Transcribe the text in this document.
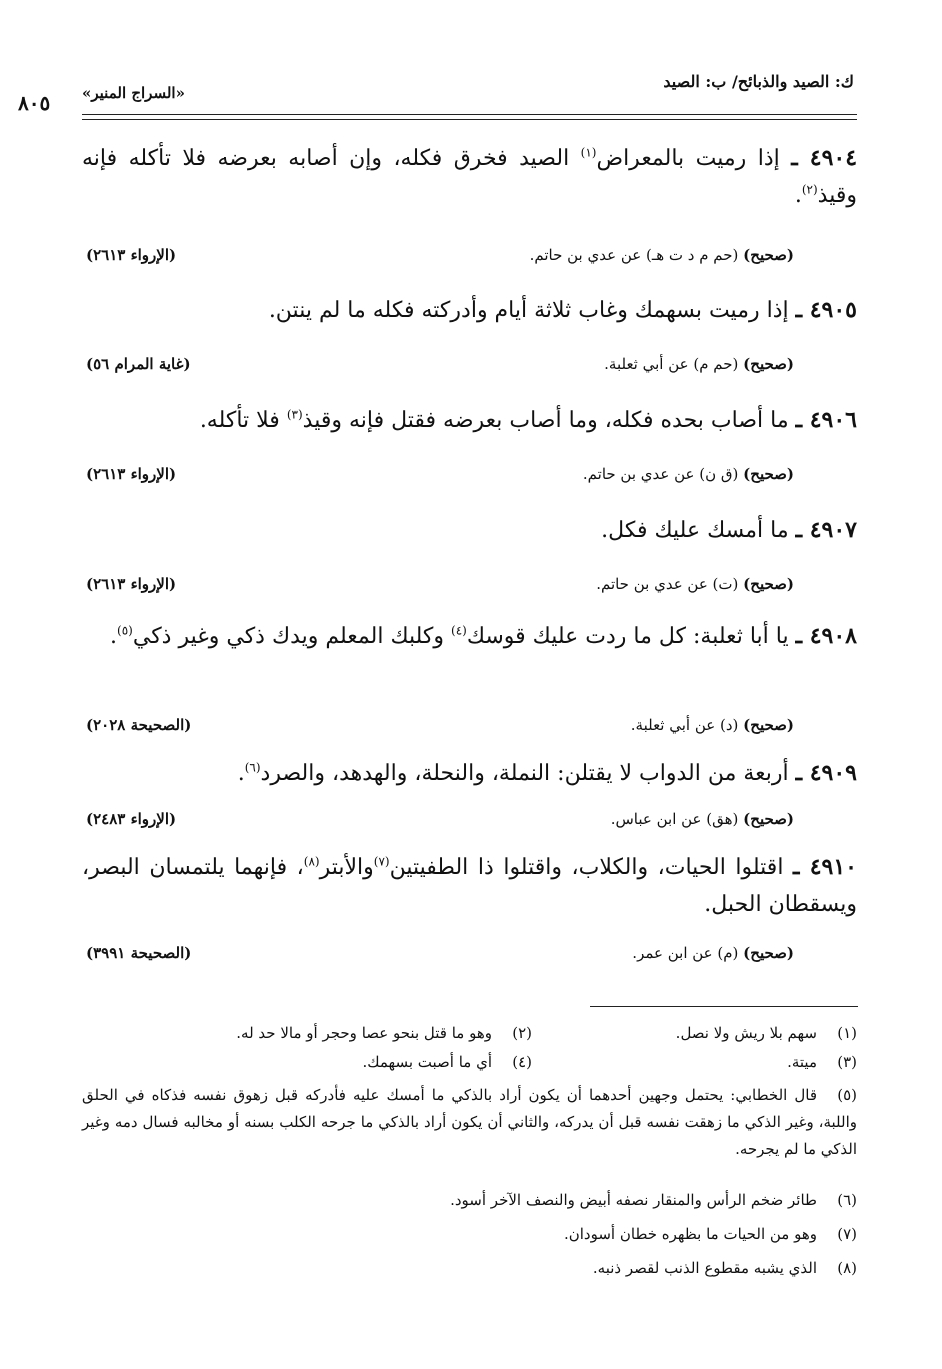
ك: الصيد والذبائح/ ب: الصيد
«السراج المنير»
٨٠٥
٤٩٠٤ ـ إذا رميت بالمعراض$^{(١)}$ الصيد فخرق فكله، وإن أصابه بعرضه فلا تأكله فإنه وقيذ$^{(٢)}$.
(صحيح) (حم م د ت هـ) عن عدي بن حاتم.
(الإرواء ٢٦١٣)
٤٩٠٥ ـ إذا رميت بسهمك وغاب ثلاثة أيام وأدركته فكله ما لم ينتن.
(صحيح) (حم م) عن أبي ثعلبة.
(غاية المرام ٥٦)
٤٩٠٦ ـ ما أصاب بحده فكله، وما أصاب بعرضه فقتل فإنه وقيذ$^{(٣)}$ فلا تأكله.
(صحيح) (ق ن) عن عدي بن حاتم.
(الإرواء ٢٦١٣)
٤٩٠٧ ـ ما أمسك عليك فكل.
(صحيح) (ت) عن عدي بن حاتم.
(الإرواء ٢٦١٣)
٤٩٠٨ ـ يا أبا ثعلبة: كل ما ردت عليك قوسك$^{(٤)}$ وكلبك المعلم ويدك ذكي وغير ذكي$^{(٥)}$.
(صحيح) (د) عن أبي ثعلبة.
(الصحيحة ٢٠٢٨)
٤٩٠٩ ـ أربعة من الدواب لا يقتلن: النملة، والنحلة، والهدهد، والصرد$^{(٦)}$.
(صحيح) (هق) عن ابن عباس.
(الإرواء ٢٤٨٣)
٤٩١٠ ـ اقتلوا الحيات، والكلاب، واقتلوا ذا الطفيتين$^{(٧)}$والأبتر$^{(٨)}$، فإنهما يلتمسان البصر، ويسقطان الحبل.
(صحيح) (م) عن ابن عمر.
(الصحيحة ٣٩٩١)
(١)سهم بلا ريش ولا نصل.
(٢)وهو ما قتل بنحو عصا وحجر أو مالا حد له.
(٣)ميتة.
(٤)أي ما أصبت بسهمك.
(٥)قال الخطابي: يحتمل وجهين أحدهما أن يكون أراد بالذكي ما أمسك عليه فأدركه قبل زهوق نفسه فذكاه في الحلق واللبة، وغير الذكي ما زهقت نفسه قبل أن يدركه، والثاني أن يكون أراد بالذكي ما جرحه الكلب بسنه أو مخالبه فسال دمه وغير الذكي ما لم يجرحه.
(٦)طائر ضخم الرأس والمنقار نصفه أبيض والنصف الآخر أسود.
(٧)وهو من الحيات ما بظهره خطان أسودان.
(٨)الذي يشبه مقطوع الذنب لقصر ذنبه.
